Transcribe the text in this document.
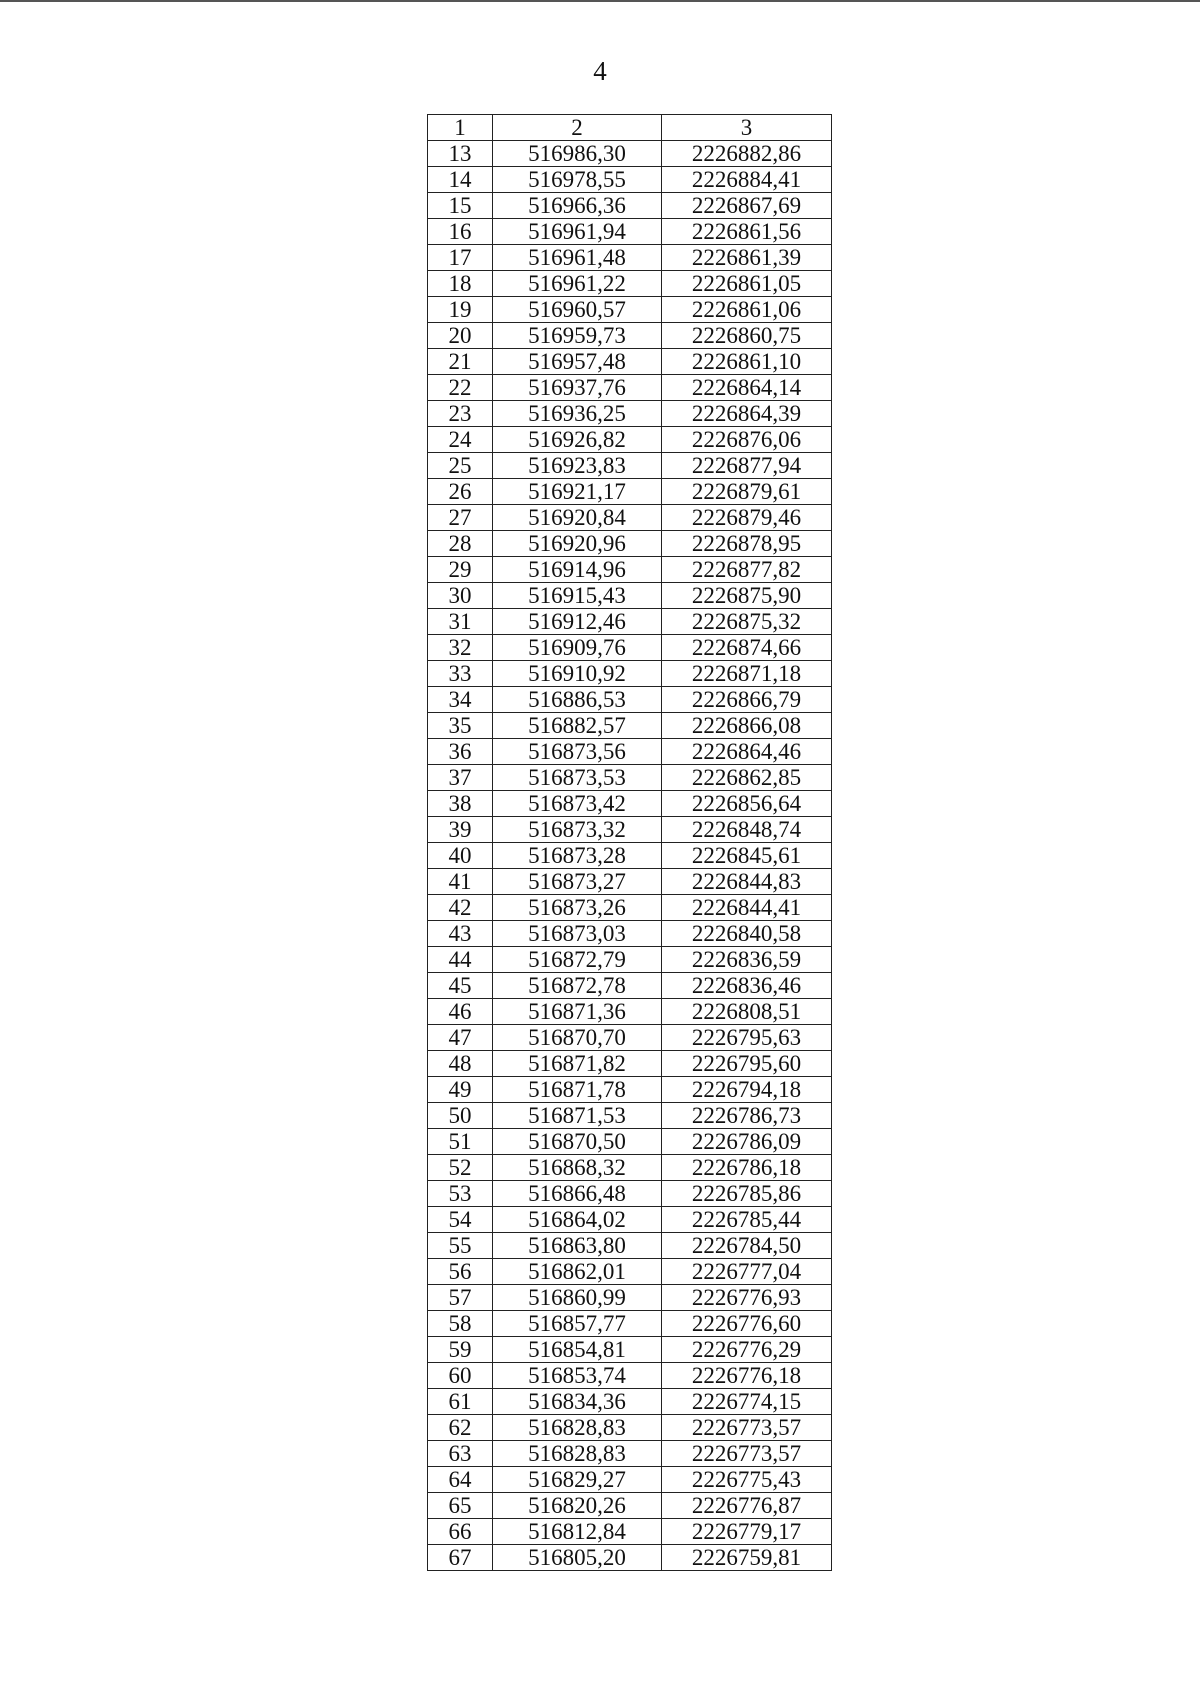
4
1	2	3
13	516986,30	2226882,86
14	516978,55	2226884,41
15	516966,36	2226867,69
16	516961,94	2226861,56
17	516961,48	2226861,39
18	516961,22	2226861,05
19	516960,57	2226861,06
20	516959,73	2226860,75
21	516957,48	2226861,10
22	516937,76	2226864,14
23	516936,25	2226864,39
24	516926,82	2226876,06
25	516923,83	2226877,94
26	516921,17	2226879,61
27	516920,84	2226879,46
28	516920,96	2226878,95
29	516914,96	2226877,82
30	516915,43	2226875,90
31	516912,46	2226875,32
32	516909,76	2226874,66
33	516910,92	2226871,18
34	516886,53	2226866,79
35	516882,57	2226866,08
36	516873,56	2226864,46
37	516873,53	2226862,85
38	516873,42	2226856,64
39	516873,32	2226848,74
40	516873,28	2226845,61
41	516873,27	2226844,83
42	516873,26	2226844,41
43	516873,03	2226840,58
44	516872,79	2226836,59
45	516872,78	2226836,46
46	516871,36	2226808,51
47	516870,70	2226795,63
48	516871,82	2226795,60
49	516871,78	2226794,18
50	516871,53	2226786,73
51	516870,50	2226786,09
52	516868,32	2226786,18
53	516866,48	2226785,86
54	516864,02	2226785,44
55	516863,80	2226784,50
56	516862,01	2226777,04
57	516860,99	2226776,93
58	516857,77	2226776,60
59	516854,81	2226776,29
60	516853,74	2226776,18
61	516834,36	2226774,15
62	516828,83	2226773,57
63	516828,83	2226773,57
64	516829,27	2226775,43
65	516820,26	2226776,87
66	516812,84	2226779,17
67	516805,20	2226759,81
